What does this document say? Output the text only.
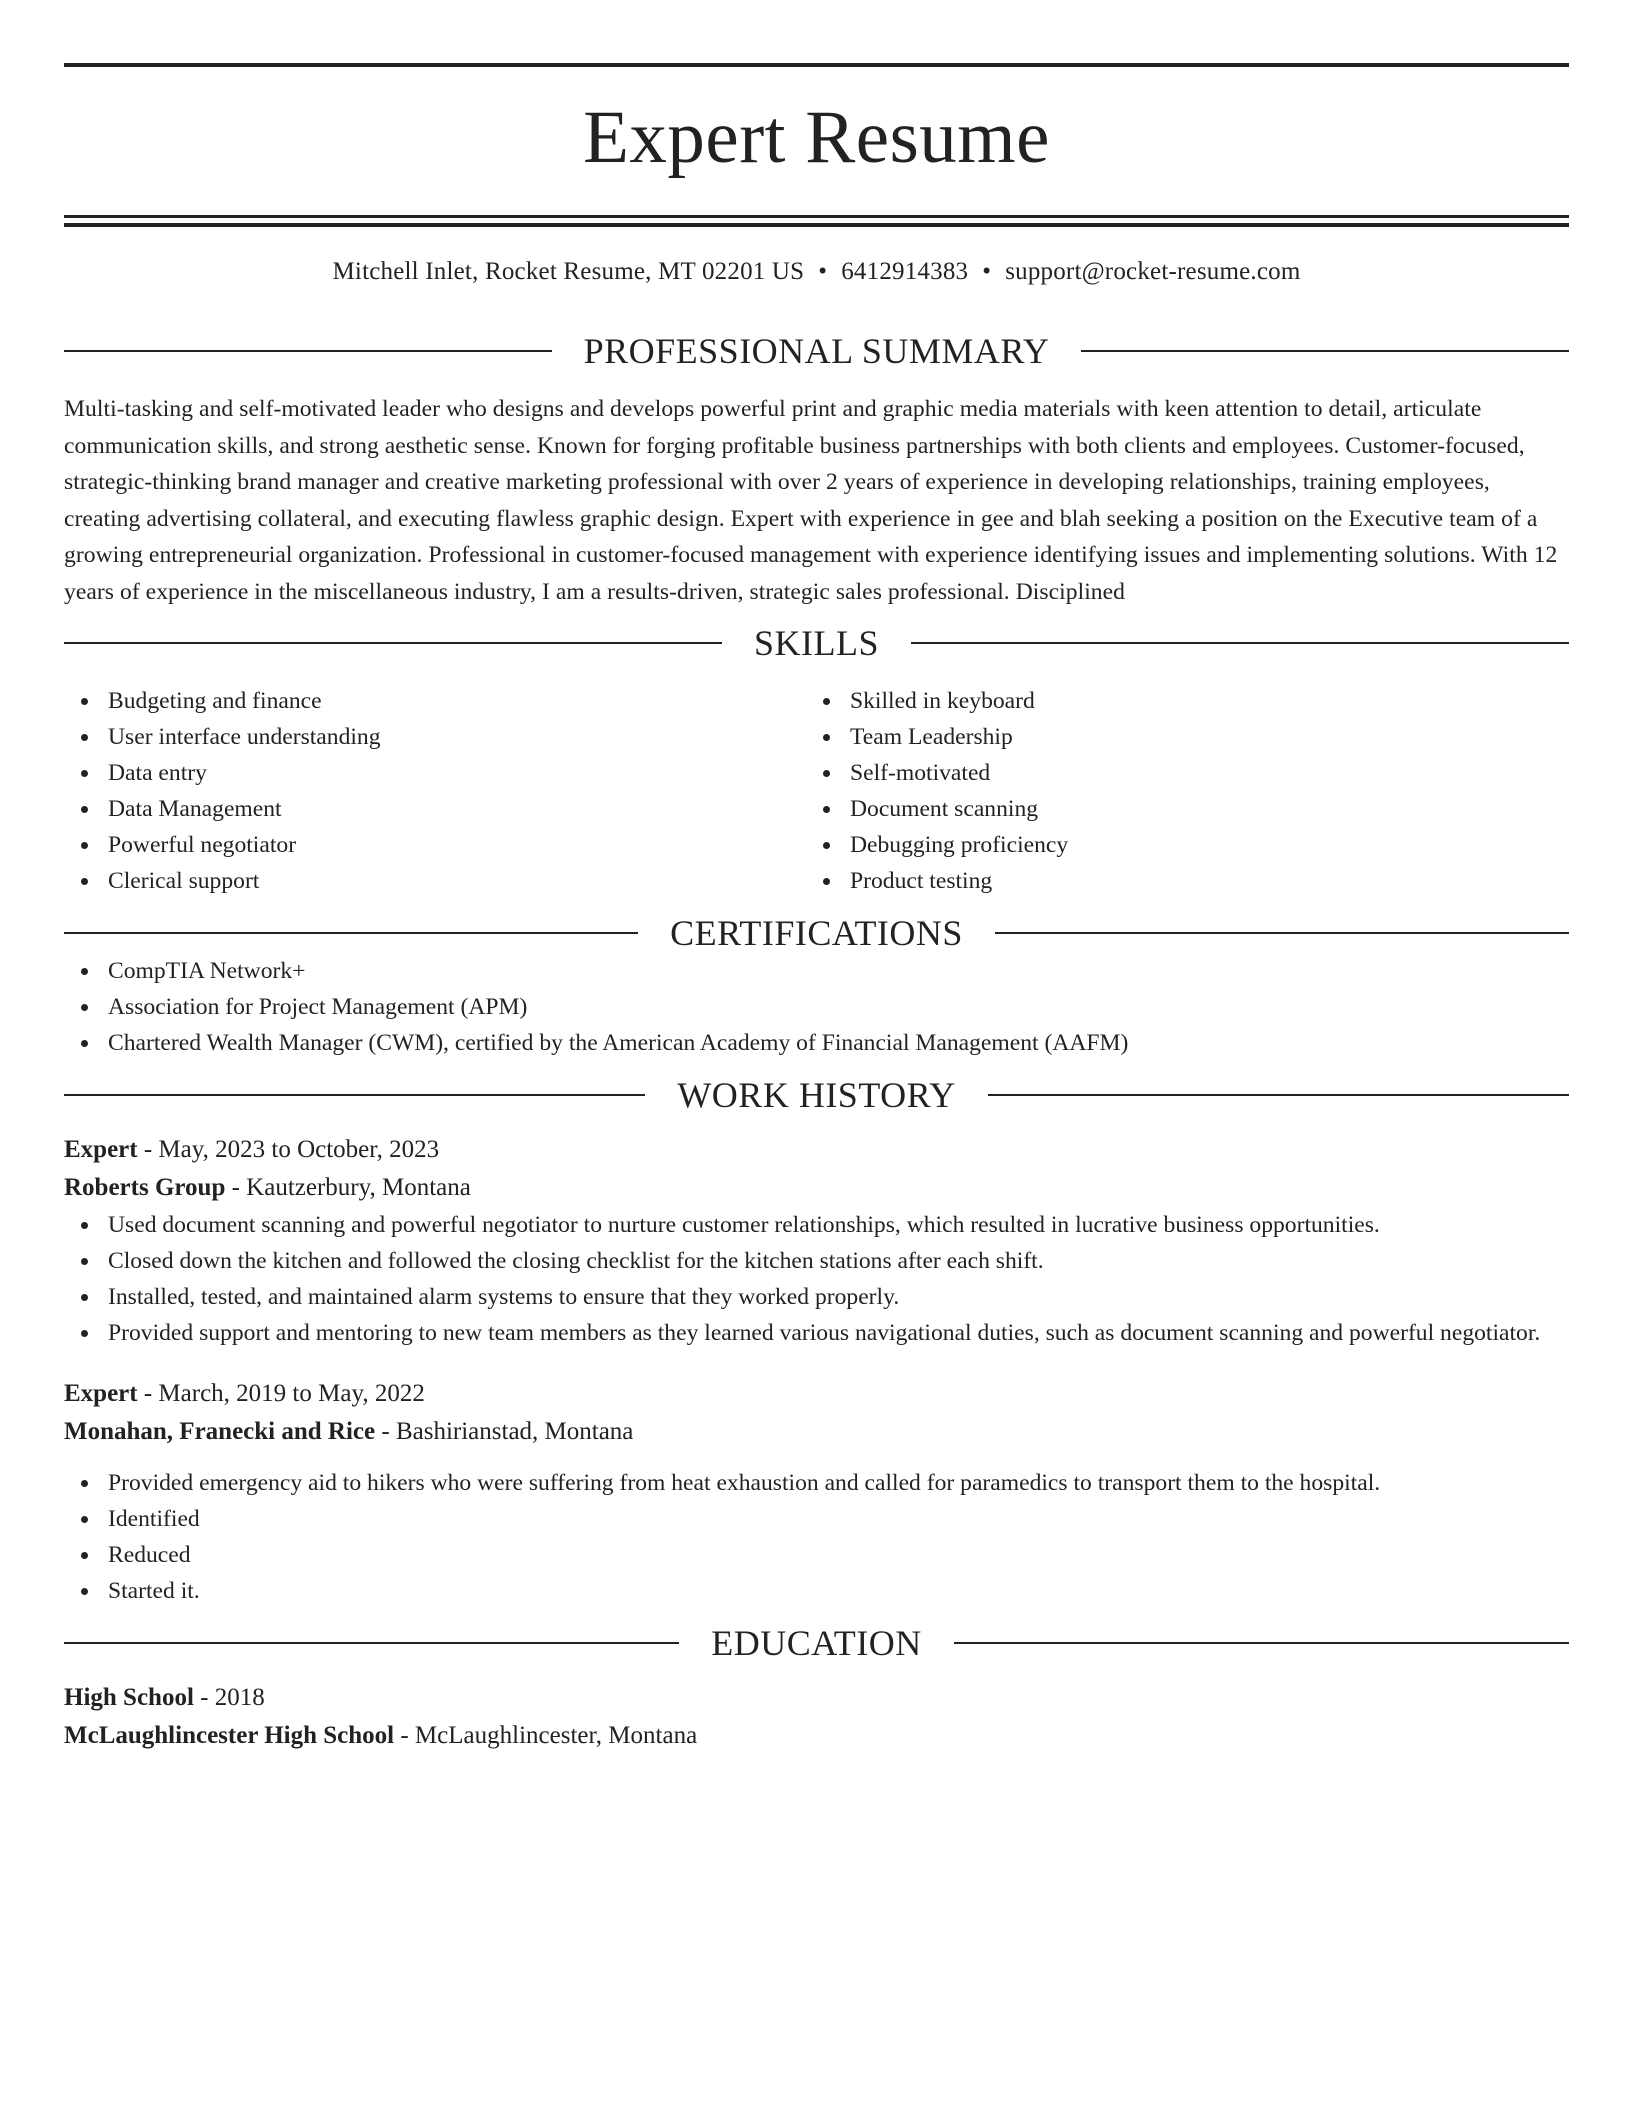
Expert Resume
Mitchell Inlet, Rocket Resume, MT 02201 US • 6412914383 • support@rocket-resume.com
PROFESSIONAL SUMMARY
Multi-tasking and self-motivated leader who designs and develops powerful print and graphic media materials with keen attention to detail, articulate communication skills, and strong aesthetic sense. Known for forging profitable business partnerships with both clients and employees. Customer-focused, strategic-thinking brand manager and creative marketing professional with over 2 years of experience in developing relationships, training employees, creating advertising collateral, and executing flawless graphic design. Expert with experience in gee and blah seeking a position on the Executive team of a growing entrepreneurial organization. Professional in customer-focused management with experience identifying issues and implementing solutions. With 12 years of experience in the miscellaneous industry, I am a results-driven, strategic sales professional. Disciplined
SKILLS
Budgeting and finance
User interface understanding
Data entry
Data Management
Powerful negotiator
Clerical support
Skilled in keyboard
Team Leadership
Self-motivated
Document scanning
Debugging proficiency
Product testing
CERTIFICATIONS
CompTIA Network+
Association for Project Management (APM)
Chartered Wealth Manager (CWM), certified by the American Academy of Financial Management (AAFM)
WORK HISTORY
Expert - May, 2023 to October, 2023
Roberts Group - Kautzerbury, Montana
Used document scanning and powerful negotiator to nurture customer relationships, which resulted in lucrative business opportunities.
Closed down the kitchen and followed the closing checklist for the kitchen stations after each shift.
Installed, tested, and maintained alarm systems to ensure that they worked properly.
Provided support and mentoring to new team members as they learned various navigational duties, such as document scanning and powerful negotiator.
Expert - March, 2019 to May, 2022
Monahan, Franecki and Rice - Bashirianstad, Montana
Provided emergency aid to hikers who were suffering from heat exhaustion and called for paramedics to transport them to the hospital.
Identified
Reduced
Started it.
EDUCATION
High School - 2018
McLaughlincester High School - McLaughlincester, Montana
